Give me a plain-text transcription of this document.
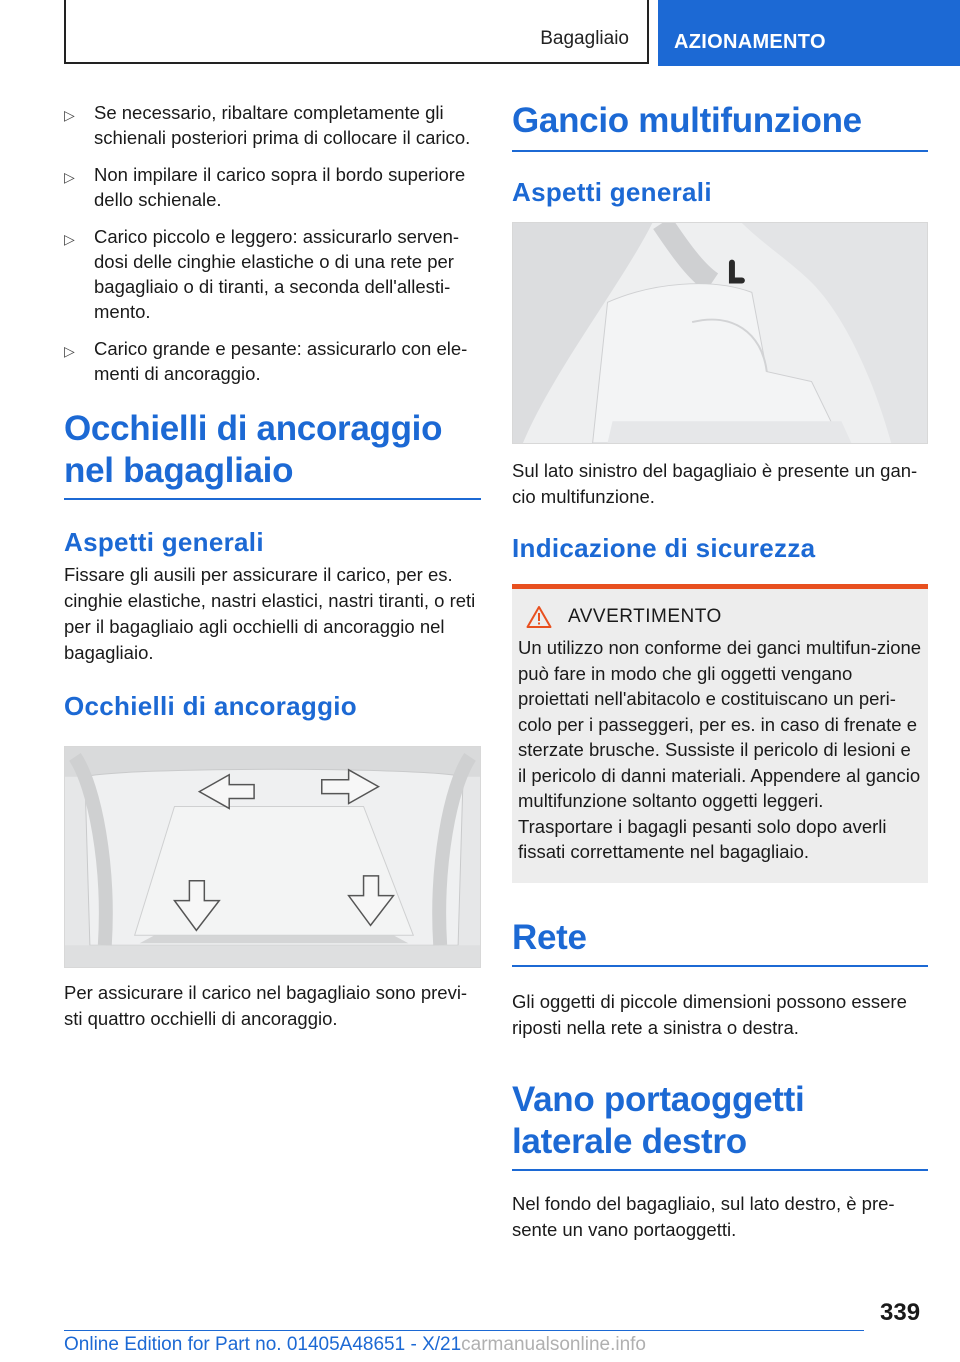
Bagagliaio AZIONAMENTO
▷ Se necessario, ribaltare completamente gli schienali posteriori prima di collocare il carico.
▷ Non impilare il carico sopra il bordo superiore dello schienale.
▷ Carico piccolo e leggero: assicurarlo serven-dosi delle cinghie elastiche o di una rete per bagagliaio o di tiranti, a seconda dell'allesti-mento.
▷ Carico grande e pesante: assicurarlo con ele-menti di ancoraggio.
Occhielli di ancoraggio nel bagagliaio
Aspetti generali

Fissare gli ausili per assicurare il carico, per es. cinghie elastiche, nastri elastici, nastri tiranti, o reti per il bagagliaio agli occhielli di ancoraggio nel bagagliaio.

Occhielli di ancoraggio

Per assicurare il carico nel bagagliaio sono previ-sti quattro occhielli di ancoraggio.

Gancio multifunzione
Aspetti generali

Sul lato sinistro del bagagliaio è presente un gan-cio multifunzione.

Indicazione di sicurezza
AVVERTIMENTO

Un utilizzo non conforme dei ganci multifun-zione può fare in modo che gli oggetti vengano proiettati nell'abitacolo e costituiscano un peri-colo per i passeggeri, per es. in caso di frenate e sterzate brusche. Sussiste il pericolo di lesioni e il pericolo di danni materiali. Appendere al gancio multifunzione soltanto oggetti leggeri. Trasportare i bagagli pesanti solo dopo averli fissati correttamente nel bagagliaio.

Rete

Gli oggetti di piccole dimensioni possono essere riposti nella rete a sinistra o destra.

Vano portaoggetti laterale destro

Nel fondo del bagagliaio, sul lato destro, è pre-sente un vano portaoggetti.

339
Online Edition for Part no. 01405A48651 - X/21carmanualsonline.info
